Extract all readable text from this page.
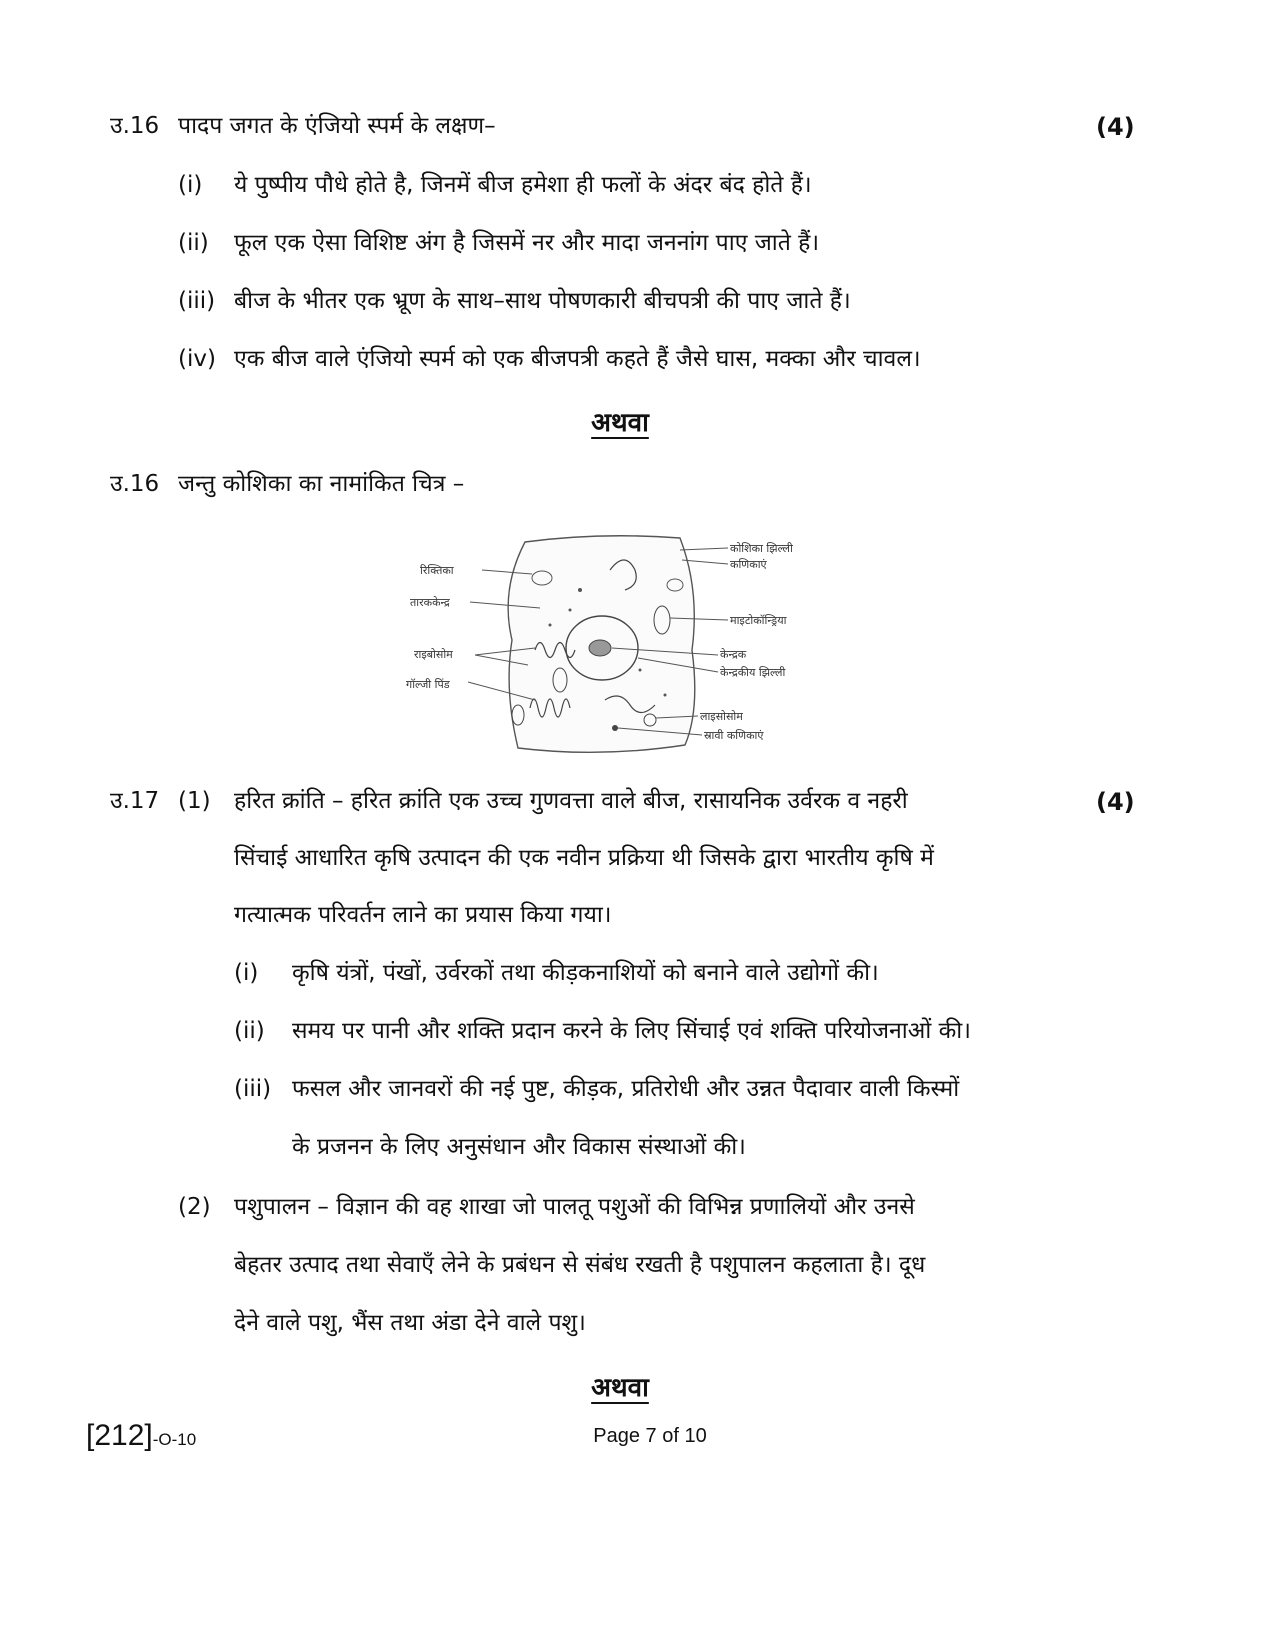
उ.16 पादप जगत के एंजियो स्पर्म के लक्षण–	(4)
(i) ये पुष्पीय पौधे होते है, जिनमें बीज हमेशा ही फलों के अंदर बंद होते हैं।
(ii) फूल एक ऐसा विशिष्ट अंग है जिसमें नर और मादा जननांग पाए जाते हैं।
(iii) बीज के भीतर एक भ्रूण के साथ–साथ पोषणकारी बीचपत्री की पाए जाते हैं।
(iv) एक बीज वाले एंजियो स्पर्म को एक बीजपत्री कहते हैं जैसे घास, मक्का और चावल।
अथवा
उ.16 जन्तु कोशिका का नामांकित चित्र –
रिक्तिका
तारककेन्द्र
राइबोसोम
गॉल्जी पिंड
कोशिका झिल्ली
कणिकाएं
माइटोकॉन्ड्रिया
केन्द्रक
केन्द्रकीय झिल्ली
लाइसोसोम
स्रावी कणिकाएं
उ.17 (1) हरित क्रांति – हरित क्रांति एक उच्च गुणवत्ता वाले बीज, रासायनिक उर्वरक व नहरी	(4)
सिंचाई आधारित कृषि उत्पादन की एक नवीन प्रक्रिया थी जिसके द्वारा भारतीय कृषि में
गत्यात्मक परिवर्तन लाने का प्रयास किया गया।
(i) कृषि यंत्रों, पंखों, उर्वरकों तथा कीड़कनाशियों को बनाने वाले उद्योगों की।
(ii) समय पर पानी और शक्ति प्रदान करने के लिए सिंचाई एवं शक्ति परियोजनाओं की।
(iii) फसल और जानवरों की नई पुष्ट, कीड़क, प्रतिरोधी और उन्नत पैदावार वाली किस्मों
के प्रजनन के लिए अनुसंधान और विकास संस्थाओं की।
(2) पशुपालन – विज्ञान की वह शाखा जो पालतू पशुओं की विभिन्न प्रणालियों और उनसे
बेहतर उत्पाद तथा सेवाएँ लेने के प्रबंधन से संबंध रखती है पशुपालन कहलाता है। दूध
देने वाले पशु, भैंस तथा अंडा देने वाले पशु।
अथवा
[212]-O-10	Page 7 of 10
